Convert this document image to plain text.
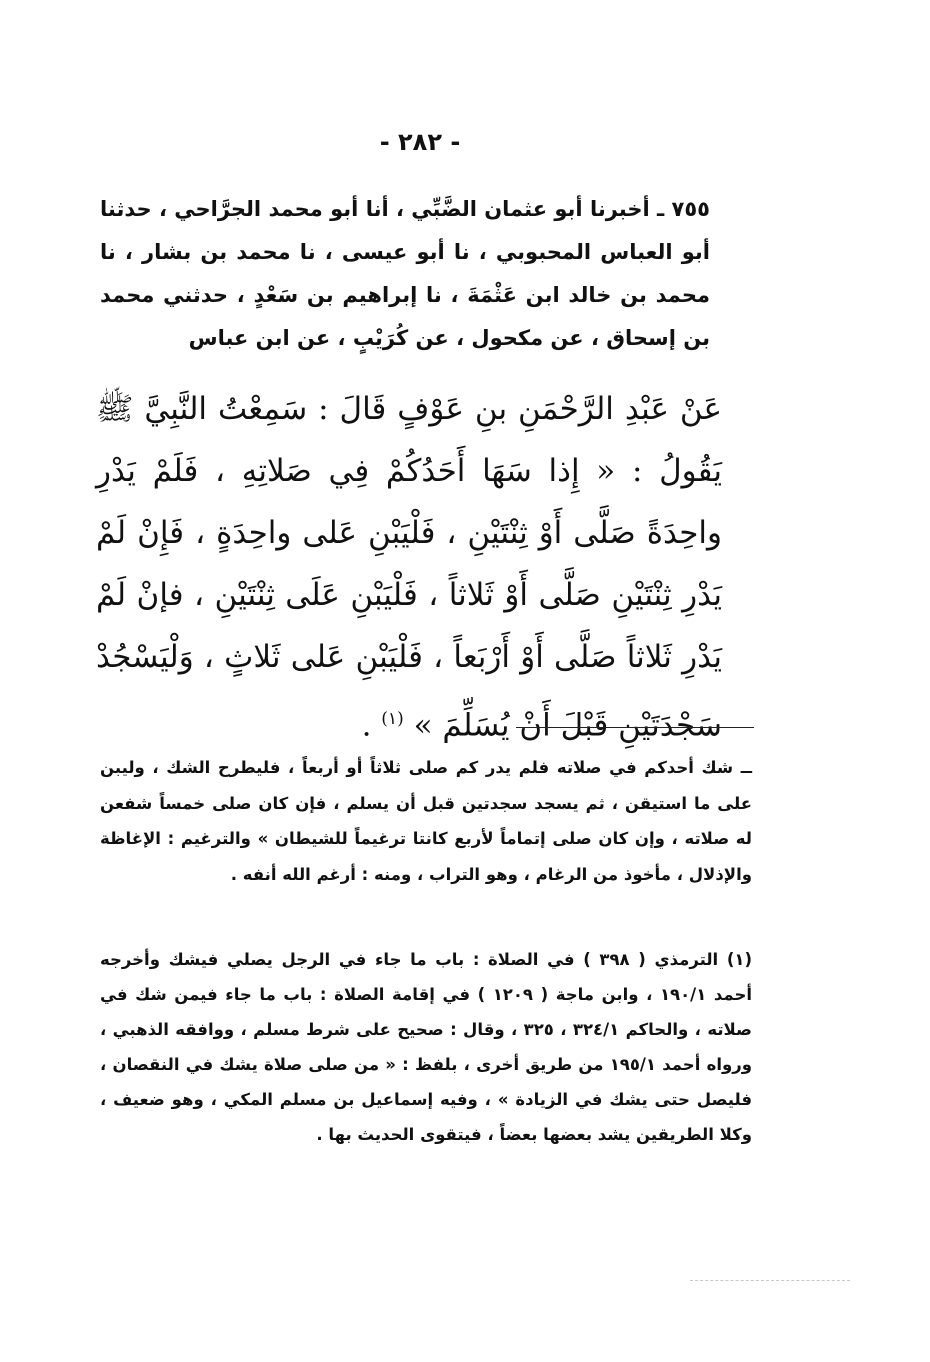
- ٢٨٢ -
٧٥٥ ـ أخبرنا أبو عثمان الضَّبِّي ، أنا أبو محمد الجرَّاحي ، حدثنا أبو العباس المحبوبي ، نا أبو عيسى ، نا محمد بن بشار ، نا محمد بن خالد ابن عَثْمَةَ ، نا إبراهيم بن سَعْدٍ ، حدثني محمد بن إسحاق ، عن مكحول ، عن كُرَيْبٍ ، عن ابن عباس
عَنْ عَبْدِ الرَّحْمَنِ بنِ عَوْفٍ قَالَ : سَمِعْتُ النَّبِيَّ ﷺ يَقُولُ : « إِذا سَهَا أَحَدُكُمْ فِي صَلاتِهِ ، فَلَمْ يَدْرِ واحِدَةً صَلَّى أَوْ ثِنْتَيْنِ ، فَلْيَبْنِ عَلى واحِدَةٍ ، فَإِنْ لَمْ يَدْرِ ثِنْتَيْنِ صَلَّى أَوْ ثَلاثاً ، فَلْيَبْنِ عَلَى ثِنْتَيْنِ ، فإنْ لَمْ يَدْرِ ثَلاثاً صَلَّى أَوْ أَرْبَعاً ، فَلْيَبْنِ عَلى ثَلاثٍ ، وَلْيَسْجُدْ سَجْدَتَيْنِ قَبْلَ أَنْ يُسَلِّمَ » $^{(١)}$ .
ــ شك أحدكم في صلاته فلم يدر كم صلى ثلاثاً أو أربعاً ، فليطرح الشك ، وليبن على ما استيقن ، ثم يسجد سجدتين قبل أن يسلم ، فإن كان صلى خمساً شفعن له صلاته ، وإن كان صلى إتماماً لأربع كانتا ترغيماً للشيطان » والترغيم : الإغاظة والإذلال ، مأخوذ من الرغام ، وهو التراب ، ومنه : أرغم الله أنفه .
(١) الترمذي ( ٣٩٨ ) في الصلاة : باب ما جاء في الرجل يصلي فيشك وأخرجه أحمد ١٩٠/١ ، وابن ماجة ( ١٢٠٩ ) في إقامة الصلاة : باب ما جاء فيمن شك في صلاته ، والحاكم ٣٢٤/١ ، ٣٢٥ ، وقال : صحيح على شرط مسلم ، ووافقه الذهبي ، ورواه أحمد ١٩٥/١ من طريق أخرى ، بلفظ : « من صلى صلاة يشك في النقصان ، فليصل حتى يشك في الزيادة » ، وفيه إسماعيل بن مسلم المكي ، وهو ضعيف ، وكلا الطريقين يشد بعضها بعضاً ، فيتقوى الحديث بها .
